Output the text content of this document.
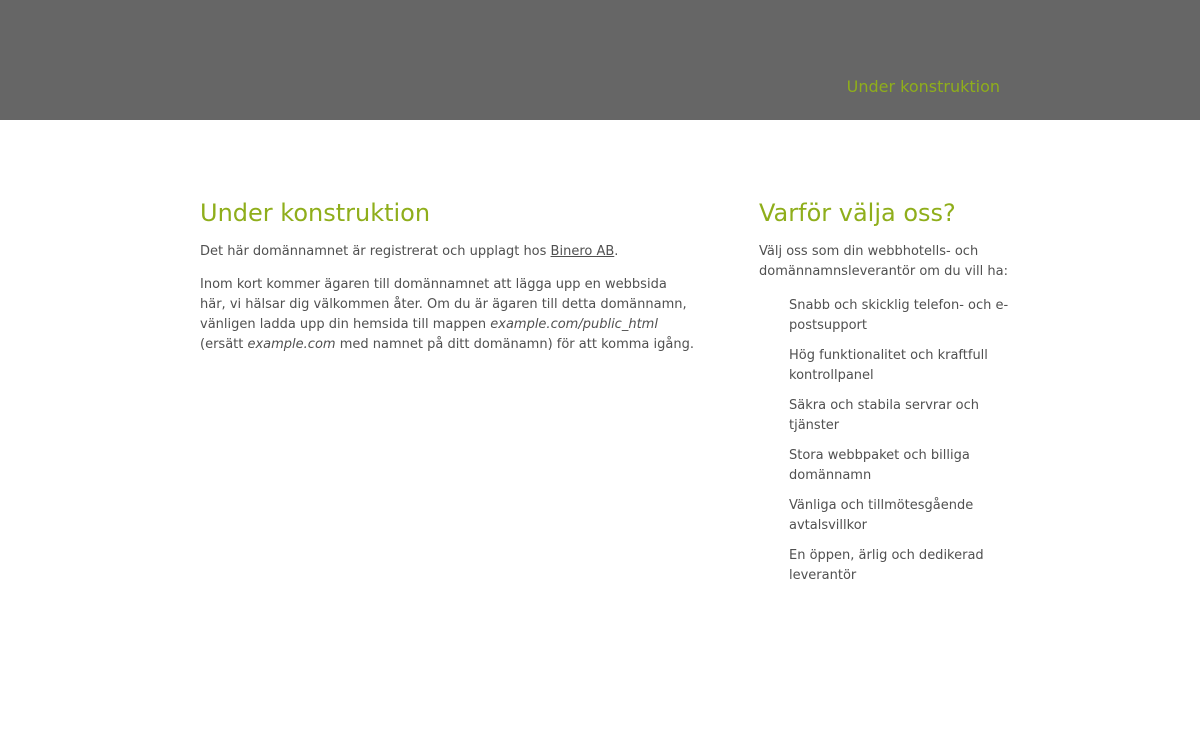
Under konstruktion
Under konstruktion

Det här domännamnet är registrerat och upplagt hos Binero AB.

Inom kort kommer ägaren till domännamnet att lägga upp en webbsida här, vi hälsar dig välkommen åter. Om du är ägaren till detta domännamn, vänligen ladda upp din hemsida till mappen example.com/public_html (ersätt example.com med namnet på ditt domänamn) för att komma igång.

Varför välja oss?

Välj oss som din webbhotells- och domännamnsleverantör om du vill ha:

Snabb och skicklig telefon- och e-postsupport
Hög funktionalitet och kraftfull kontrollpanel
Säkra och stabila servrar och tjänster
Stora webbpaket och billiga domännamn
Vänliga och tillmötesgående avtalsvillkor
En öppen, ärlig och dedikerad leverantör
